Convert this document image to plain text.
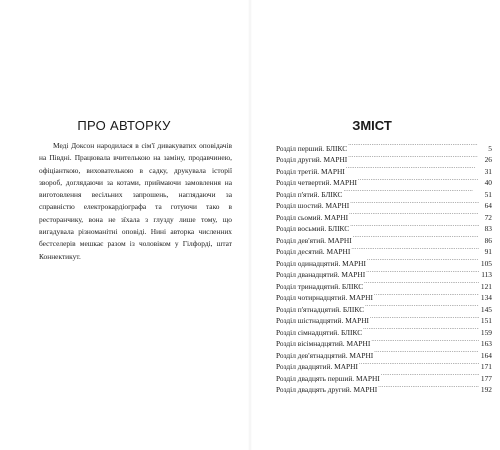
ПРО АВТОРКУ

Меді Доксон народилася в сім'ї дивакуватих оповідачів на Півдні. Працювала вчителькою на заміну, продавчинею, офіціанткою, вихователькою в садку, друкувала історії звороб, доглядаючи за котами, приймаючи замовлення на виготовлення весільних запрошень, наглядаючи за справністю електрокардіографа та готуючи тако в ресторанчику, вона не зїхала з глузду лише тому, що вигадувала різноманітні оповіді. Нині авторка численних бестселерів мешкає разом із чоловіком у Гілфорді, штат Коннектикут.

ЗМІСТ
Розділ перший. БЛІКС . . .	5
Розділ другий. МАРНІ . . .	26
Розділ третій. МАРНІ . . .	31
Розділ четвертий. МАРНІ . . .	40
Розділ п'ятий. БЛІКС . . .	51
Розділ шостий. МАРНІ . . .	64
Розділ сьомий. МАРНІ . . .	72
Розділ восьмий. БЛІКС . . .	83
Розділ дев'ятий. МАРНІ . . .	86
Розділ десятий. МАРНІ . . .	91
Розділ одинадцятий. МАРНІ . . .	105
Розділ дванадцятий. МАРНІ . . .	113
Розділ тринадцятий. БЛІКС . . .	121
Розділ чотирнадцятий. МАРНІ . . .	134
Розділ п'ятнадцятий. БЛІКС . . .	145
Розділ шістнадцятий. МАРНІ . . .	151
Розділ сімнадцятий. БЛІКС . . .	159
Розділ вісімнадцятий. МАРНІ . . .	163
Розділ дев'ятнадцятий. МАРНІ . . .	164
Розділ двадцятий. МАРНІ . . .	171
Розділ двадцять перший. МАРНІ . . .	177
Розділ двадцять другий. МАРНІ . . .	192
